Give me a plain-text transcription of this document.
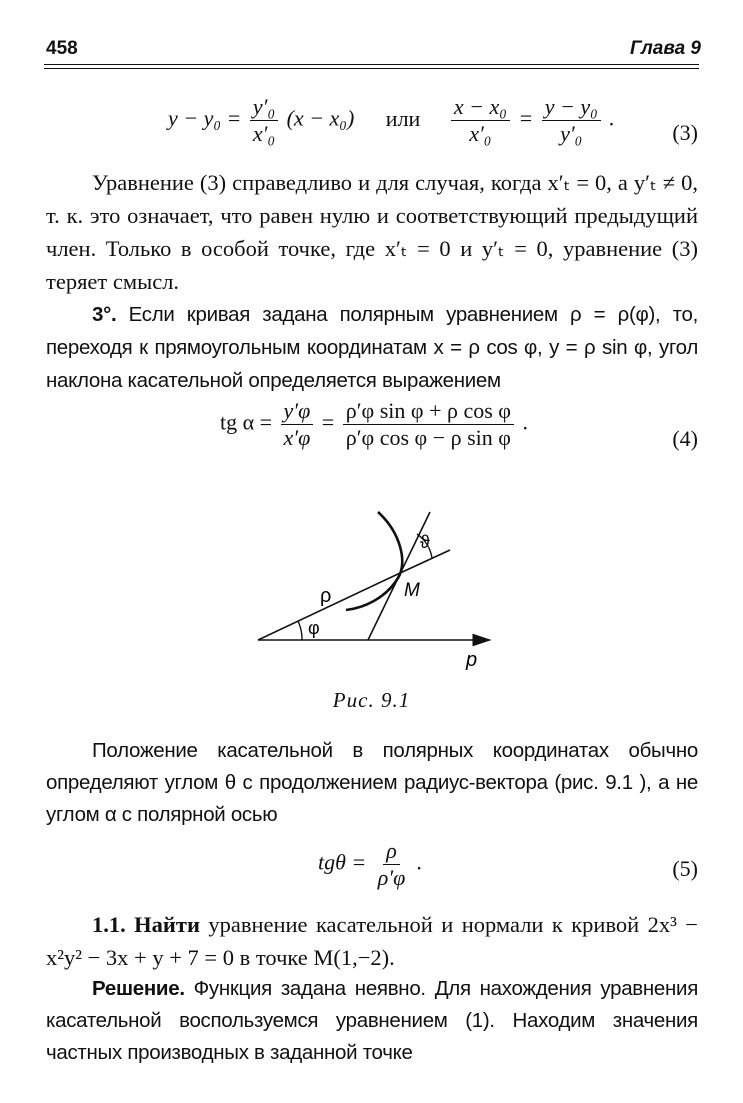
458	Глава 9
$y - y_0 = \frac{\text{y′₀}}{\text{x′₀}} (x - x_0)$ или $\frac{\text{x − x₀}}{\text{x′₀}} = \frac{\text{y − y₀}}{\text{y′₀}}$ .
(3)
Уравнение (3) справедливо и для случая, когда x′ₜ = 0, а y′ₜ ≠ 0, т. к. это означает, что равен нулю и соответствующий предыдущий член. Только в особой точке, где x′ₜ = 0 и y′ₜ = 0, уравнение (3) теряет смысл.
3°. Если кривая задана полярным уравнением ρ = ρ(φ), то, переходя к прямоугольным координатам x = ρ cos φ, y = ρ sin φ, угол наклона касательной определяется выражением
tg $\alpha = \frac{y'\varphi}{x'\varphi} = \frac{\text{ρ′φ sin φ + ρ cos φ}}{\text{ρ′φ cos φ − ρ sin φ}}$ .
(4)
ρ
φ
M
ϑ
p
Рис. 9.1
Положение касательной в полярных координатах обычно определяют углом θ с продолжением радиус-вектора (рис. 9.1 ), а не углом α с полярной осью
$tg\theta = \frac{\rho}{\rho'\varphi}$ .	(5)
1.1. Найти уравнение касательной и нормали к кривой 2x³ − x²y² − 3x + y + 7 = 0 в точке M(1,−2).
Решение. Функция задана неявно. Для нахождения уравнения касательной воспользуемся уравнением (1). Находим значения частных производных в заданной точке
